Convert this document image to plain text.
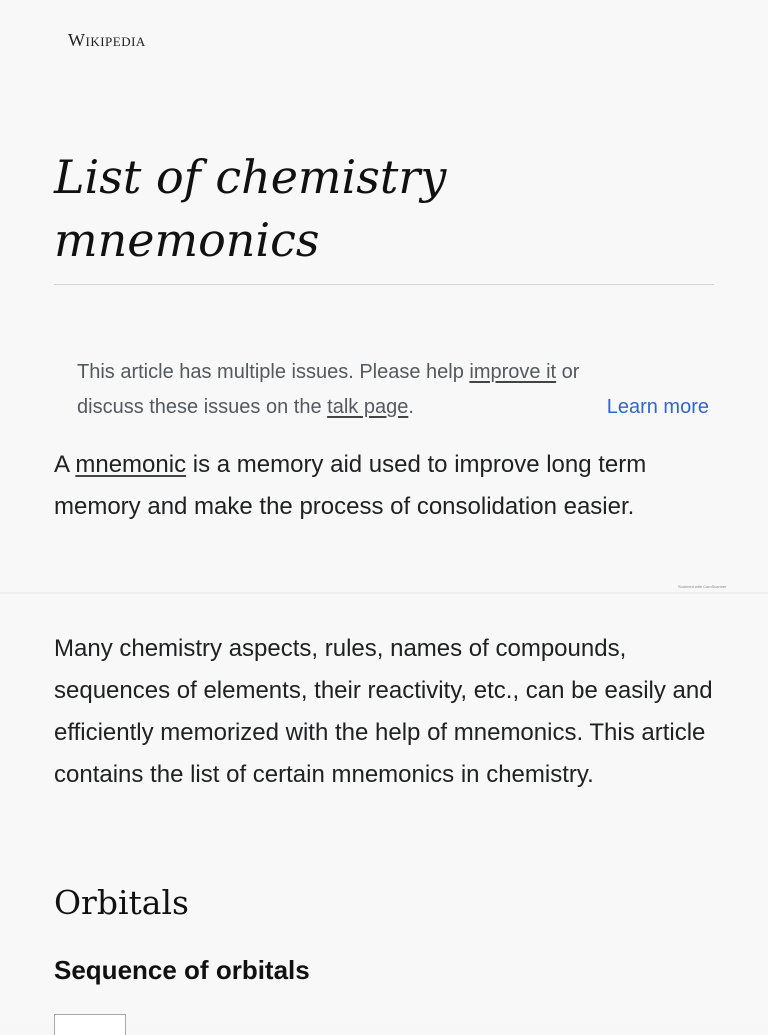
Wikipedia
List of chemistry mnemonics
This article has multiple issues. Please help improve it or
discuss these issues on the talk page.	Learn more

A mnemonic is a memory aid used to improve long term memory and make the process of consolidation easier.

Scanned with CamScanner

Many chemistry aspects, rules, names of compounds, sequences of elements, their reactivity, etc., can be easily and efficiently memorized with the help of mnemonics. This article contains the list of certain mnemonics in chemistry.

Orbitals
Sequence of orbitals
